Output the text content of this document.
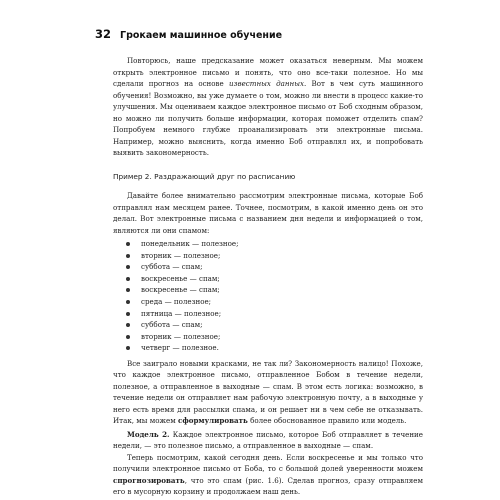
32 Грокаем машинное обучение

Повторюсь, наше предсказание может оказаться неверным. Мы можем открыть электронное письмо и понять, что оно все-таки полезное. Но мы сделали прогноз на основе известных данных. Вот в чем суть машинного обучения! Возможно, вы уже думаете о том, можно ли внести в процесс какие-то улучшения. Мы оцениваем каждое электронное письмо от Боб сходным образом, но можно ли получить больше информации, которая поможет отделить спам? Попробуем немного глубже проанализировать эти электронные письма. Например, можно выяснить, когда именно Боб отправлял их, и попробовать выявить закономерность.

Пример 2. Раздражающий друг по расписанию

Давайте более внимательно рассмотрим электронные письма, которые Боб отправлял нам месяцем ранее. Точнее, посмотрим, в какой именно день он это делал. Вот электронные письма с названием дня недели и информацией о том, являются ли они спамом:

понедельник — полезное;
вторник — полезное;
суббота — спам;
воскресенье — спам;
воскресенье — спам;
среда — полезное;
пятница — полезное;
суббота — спам;
вторник — полезное;
четверг — полезное.

Все заиграло новыми красками, не так ли? Закономерность налицо! Похоже, что каждое электронное письмо, отправленное Бобом в течение недели, полезное, а отправленное в выходные — спам. В этом есть логика: возможно, в течение недели он отправляет нам рабочую электронную почту, а в выходные у него есть время для рассылки спама, и он решает ни в чем себе не отказывать. Итак, мы можем сформулировать более обоснованное правило или модель.

Модель 2. Каждое электронное письмо, которое Боб отправляет в течение недели, — это полезное письмо, а отправленное в выходные — спам.

Теперь посмотрим, какой сегодня день. Если воскресенье и мы только что получили электронное письмо от Боба, то с большой долей уверенности можем спрогнозировать, что это спам (рис. 1.6). Сделав прогноз, сразу отправляем его в мусорную корзину и продолжаем наш день.
